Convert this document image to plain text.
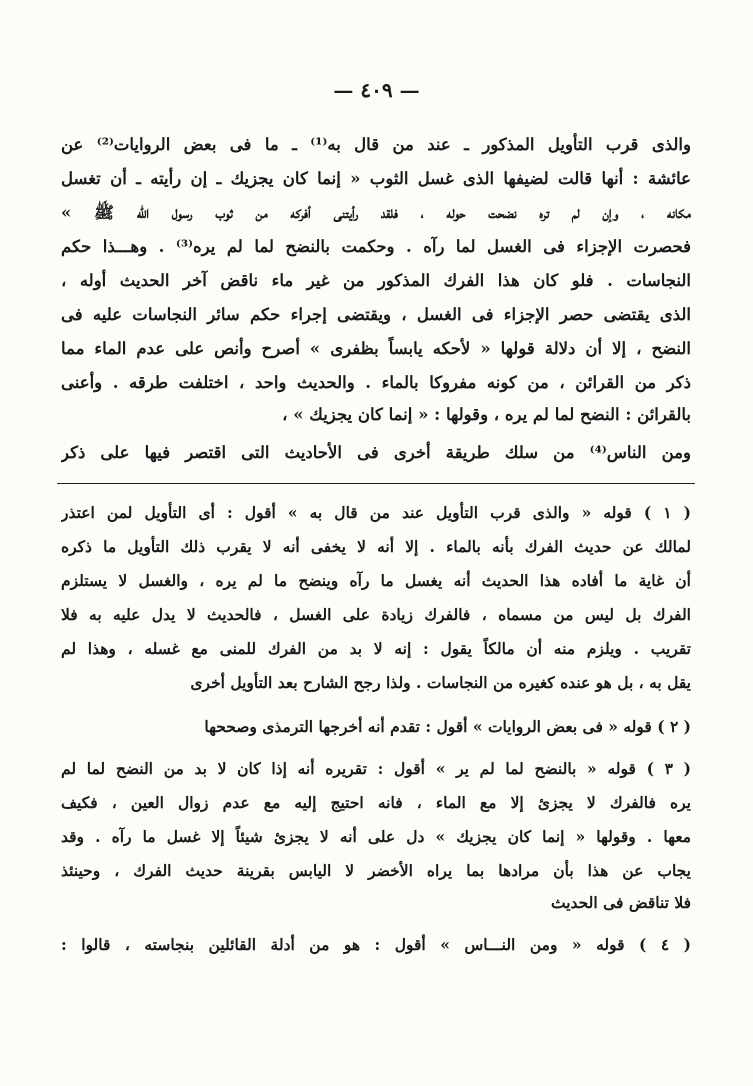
— ٤٠٩ —
والذى قرب التأويل المذكور ـ عند من قال به⁽¹⁾ ـ ما فى بعض الروايات⁽²⁾ عن
عائشة : أنها قالت لضيفها الذى غسل الثوب « إنما كان يجزيك ـ إن رأيته ـ أن تغسل
مكانه ، وإن لم تره نضحت حوله ، فلقد رأيتنى أفركه من ثوب رسول الله ﷺ »
فحصرت الإجزاء فى الغسل لما رآه . وحكمت بالنضح لما لم يره⁽³⁾ . وهـــذا حكم
النجاسات . فلو كان هذا الفرك المذكور من غير ماء ناقض آخر الحديث أوله ،
الذى يقتضى حصر الإجزاء فى الغسل ، ويقتضى إجراء حكم سائر النجاسات عليه فى
النضح ، إلا أن دلالة قولها « لأحكه يابساً بظفرى » أصرح وأنص على عدم الماء مما
ذكر من القرائن ، من كونه مفروكا بالماء . والحديث واحد ، اختلفت طرقه . وأعنى
بالقرائن : النضح لما لم يره ، وقولها : « إنما كان يجزيك » ،
ومن الناس⁽⁴⁾ من سلك طريقة أخرى فى الأحاديث التى اقتصر فيها على ذكر
( ١ ) قوله « والذى قرب التأويل عند من قال به » أقول : أى التأويل لمن اعتذر
لمالك عن حديث الفرك بأنه بالماء . إلا أنه لا يخفى أنه لا يقرب ذلك التأويل ما ذكره
أن غاية ما أفاده هذا الحديث أنه يغسل ما رآه وينضح ما لم يره ، والغسل لا يستلزم
الفرك بل ليس من مسماه ، فالفرك زيادة على الغسل ، فالحديث لا يدل عليه به فلا
تقريب . ويلزم منه أن مالكاً يقول : إنه لا بد من الفرك للمنى مع غسله ، وهذا لم
يقل به ، بل هو عنده كغيره من النجاسات . ولذا رجح الشارح بعد التأويل أخرى
( ٢ ) قوله « فى بعض الروايات » أقول : تقدم أنه أخرجها الترمذى وصححها
( ٣ ) قوله « بالنضح لما لم ير » أقول : تقريره أنه إذا كان لا بد من النضح لما لم
يره فالفرك لا يجزئ إلا مع الماء ، فانه احتيج إليه مع عدم زوال العين ، فكيف
معها . وقولها « إنما كان يجزيك » دل على أنه لا يجزئ شيئاً إلا غسل ما رآه . وقد
يجاب عن هذا بأن مرادها بما يراه الأخضر لا اليابس بقرينة حديث الفرك ، وحينئذ
فلا تناقض فى الحديث
( ٤ ) قوله « ومن النـــاس » أقول : هو من أدلة القائلين بنجاسته ، قالوا :
